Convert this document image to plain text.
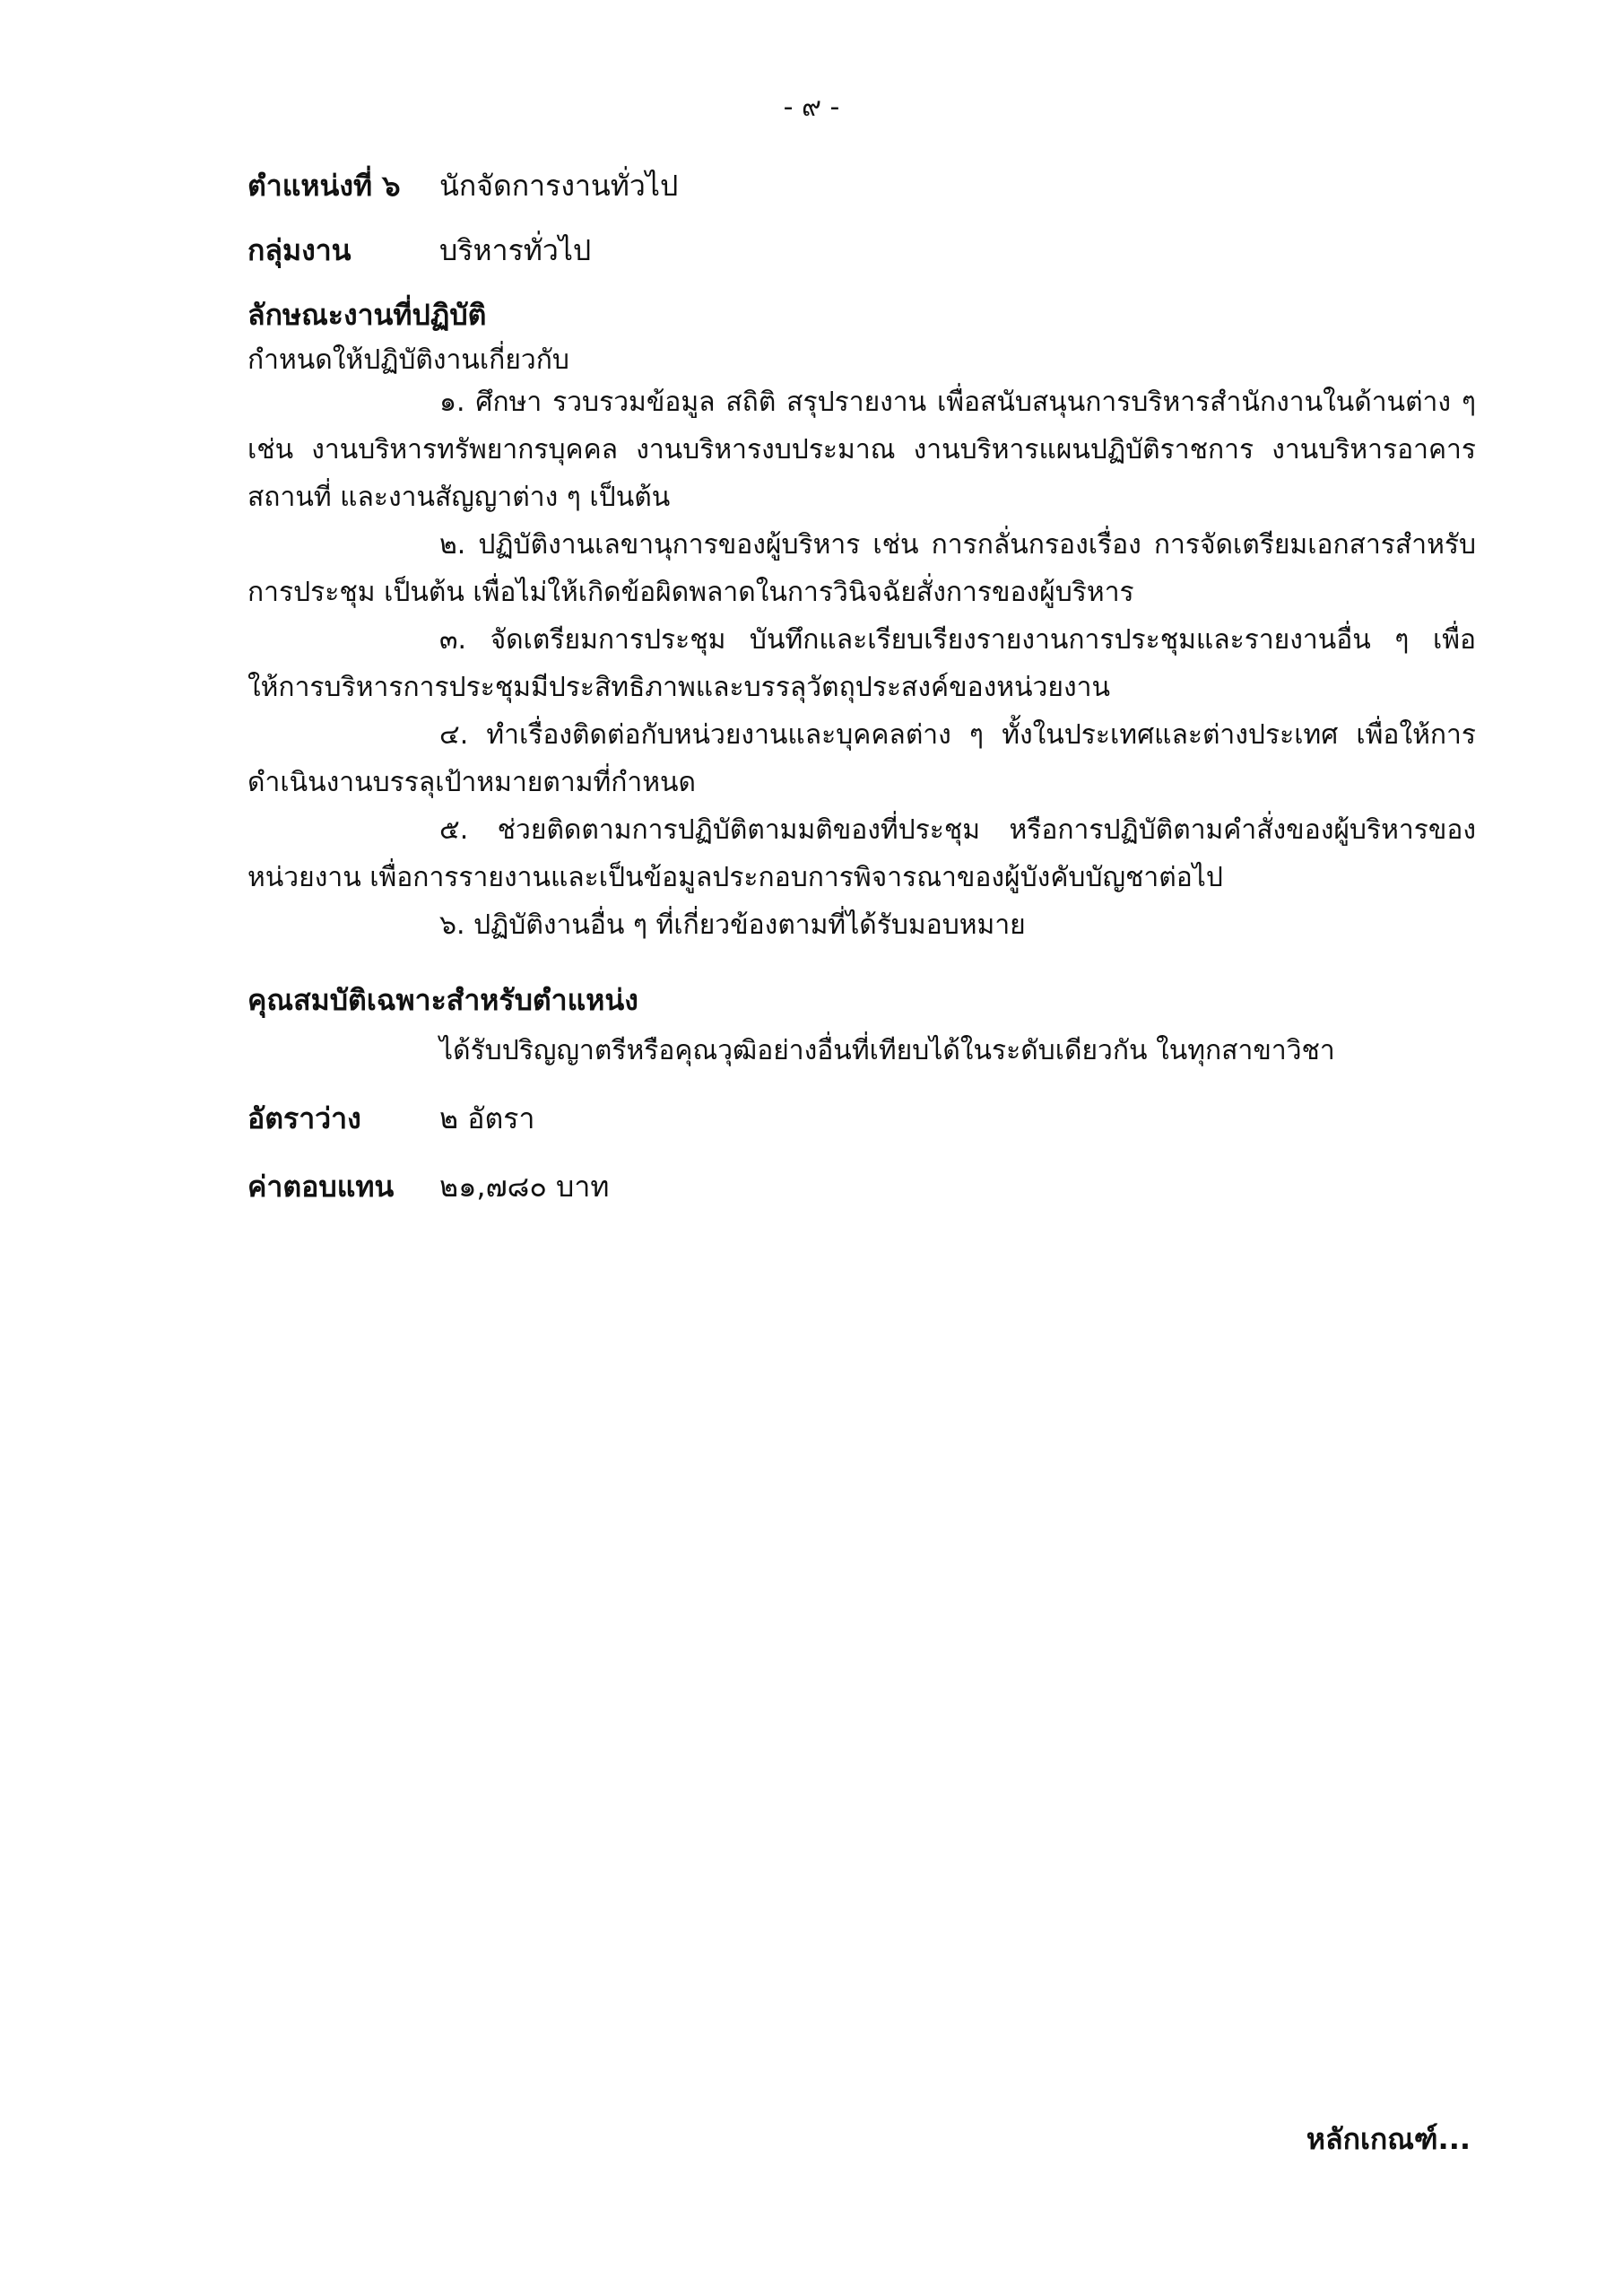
- ๙ -
ตำแหน่งที่ ๖ นักจัดการงานทั่วไป
กลุ่มงาน	บริหารทั่วไป
ลักษณะงานที่ปฏิบัติ
กำหนดให้ปฏิบัติงานเกี่ยวกับ

๑. ศึกษา รวบรวมข้อมูล สถิติ สรุปรายงาน เพื่อสนับสนุนการบริหารสำนักงานในด้านต่าง ๆ เช่น งานบริหารทรัพยากรบุคคล งานบริหารงบประมาณ งานบริหารแผนปฏิบัติราชการ งานบริหารอาคารสถานที่ และงานสัญญาต่าง ๆ เป็นต้น

๒. ปฏิบัติงานเลขานุการของผู้บริหาร เช่น การกลั่นกรองเรื่อง การจัดเตรียมเอกสารสำหรับการประชุม เป็นต้น เพื่อไม่ให้เกิดข้อผิดพลาดในการวินิจฉัยสั่งการของผู้บริหาร

๓. จัดเตรียมการประชุม บันทึกและเรียบเรียงรายงานการประชุมและรายงานอื่น ๆ เพื่อให้การบริหารการประชุมมีประสิทธิภาพและบรรลุวัตถุประสงค์ของหน่วยงาน

๔. ทำเรื่องติดต่อกับหน่วยงานและบุคคลต่าง ๆ ทั้งในประเทศและต่างประเทศ เพื่อให้การดำเนินงานบรรลุเป้าหมายตามที่กำหนด

๕. ช่วยติดตามการปฏิบัติตามมติของที่ประชุม หรือการปฏิบัติตามคำสั่งของผู้บริหารของหน่วยงาน เพื่อการรายงานและเป็นข้อมูลประกอบการพิจารณาของผู้บังคับบัญชาต่อไป

๖. ปฏิบัติงานอื่น ๆ ที่เกี่ยวข้องตามที่ได้รับมอบหมาย

คุณสมบัติเฉพาะสำหรับตำแหน่ง
ได้รับปริญญาตรีหรือคุณวุฒิอย่างอื่นที่เทียบได้ในระดับเดียวกัน ในทุกสาขาวิชา
อัตราว่าง	๒ อัตรา
ค่าตอบแทน ๒๑,๗๘๐ บาท
หลักเกณฑ์...
